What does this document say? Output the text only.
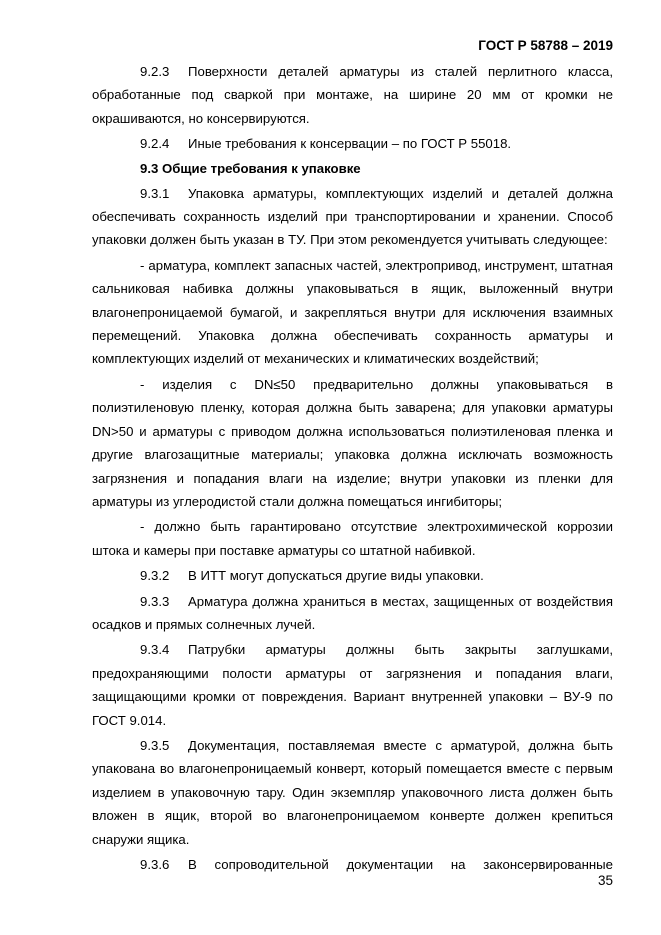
ГОСТ Р 58788 – 2019

9.2.3 Поверхности деталей арматуры из сталей перлитного класса, обработанные под сваркой при монтаже, на ширине 20 мм от кромки не окрашиваются, но консервируются.

9.2.4 Иные требования к консервации – по ГОСТ Р 55018.

9.3 Общие требования к упаковке

9.3.1 Упаковка арматуры, комплектующих изделий и деталей должна обеспечивать сохранность изделий при транспортировании и хранении. Способ упаковки должен быть указан в ТУ. При этом рекомендуется учитывать следующее:

- арматура, комплект запасных частей, электропривод, инструмент, штатная сальниковая набивка должны упаковываться в ящик, выложенный внутри влагонепроницаемой бумагой, и закрепляться внутри для исключения взаимных перемещений. Упаковка должна обеспечивать сохранность арматуры и комплектующих изделий от механических и климатических воздействий;

- изделия с DN≤50 предварительно должны упаковываться в полиэтиленовую пленку, которая должна быть заварена; для упаковки арматуры DN>50 и арматуры с приводом должна использоваться полиэтиленовая пленка и другие влагозащитные материалы; упаковка должна исключать возможность загрязнения и попадания влаги на изделие; внутри упаковки из пленки для арматуры из углеродистой стали должна помещаться ингибиторы;

- должно быть гарантировано отсутствие электрохимической коррозии штока и камеры при поставке арматуры со штатной набивкой.

9.3.2 В ИТТ могут допускаться другие виды упаковки.

9.3.3 Арматура должна храниться в местах, защищенных от воздействия осадков и прямых солнечных лучей.

9.3.4 Патрубки арматуры должны быть закрыты заглушками, предохраняющими полости арматуры от загрязнения и попадания влаги, защищающими кромки от повреждения. Вариант внутренней упаковки – ВУ-9 по ГОСТ 9.014.

9.3.5 Документация, поставляемая вместе с арматурой, должна быть упакована во влагонепроницаемый конверт, который помещается вместе с первым изделием в упаковочную тару. Один экземпляр упаковочного листа должен быть вложен в ящик, второй во влагонепроницаемом конверте должен крепиться снаружи ящика.

9.3.6 В сопроводительной документации на законсервированные

35
